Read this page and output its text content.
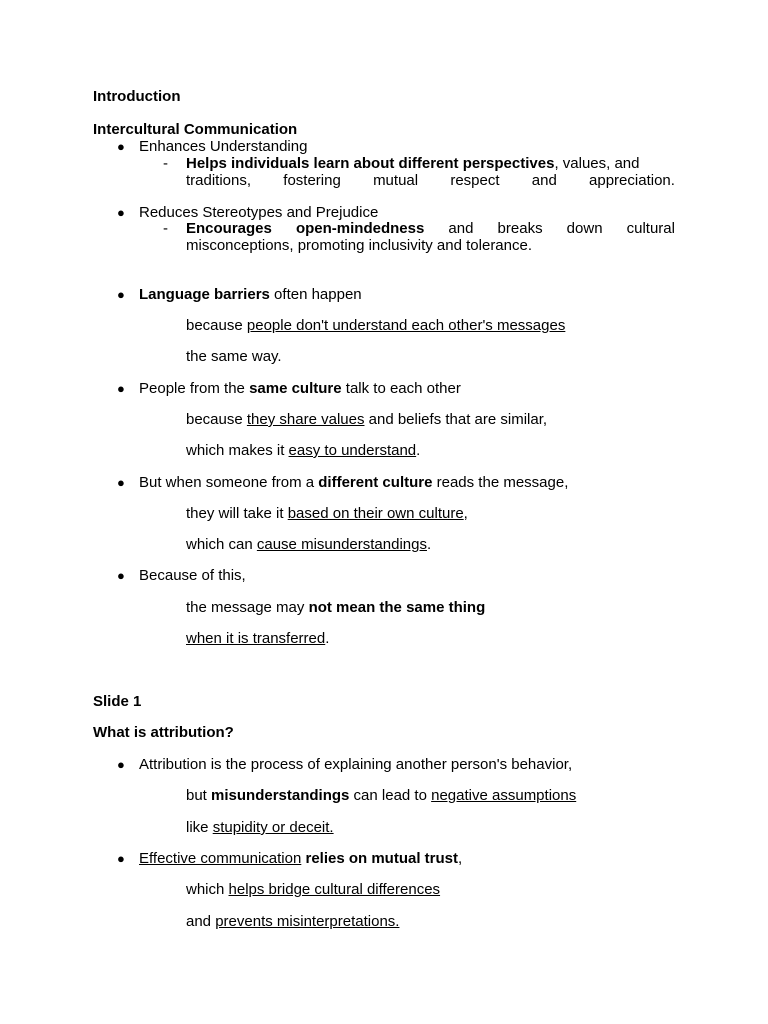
Introduction
Intercultural Communication
● Enhances Understanding
- Helps individuals learn about different perspectives, values, and
traditions, fostering mutual respect and appreciation.
● Reduces Stereotypes and Prejudice
- Encourages open-mindedness and breaks down cultural
misconceptions, promoting inclusivity and tolerance.
● Language barriers often happen
because people don't understand each other's messages
the same way.
● People from the same culture talk to each other
because they share values and beliefs that are similar,
which makes it easy to understand.
● But when someone from a different culture reads the message,
they will take it based on their own culture,
which can cause misunderstandings.
● Because of this,
the message may not mean the same thing
when it is transferred.
Slide 1
What is attribution?
● Attribution is the process of explaining another person's behavior,
but misunderstandings can lead to negative assumptions
like stupidity or deceit.
● Effective communication relies on mutual trust,
which helps bridge cultural differences
and prevents misinterpretations.
